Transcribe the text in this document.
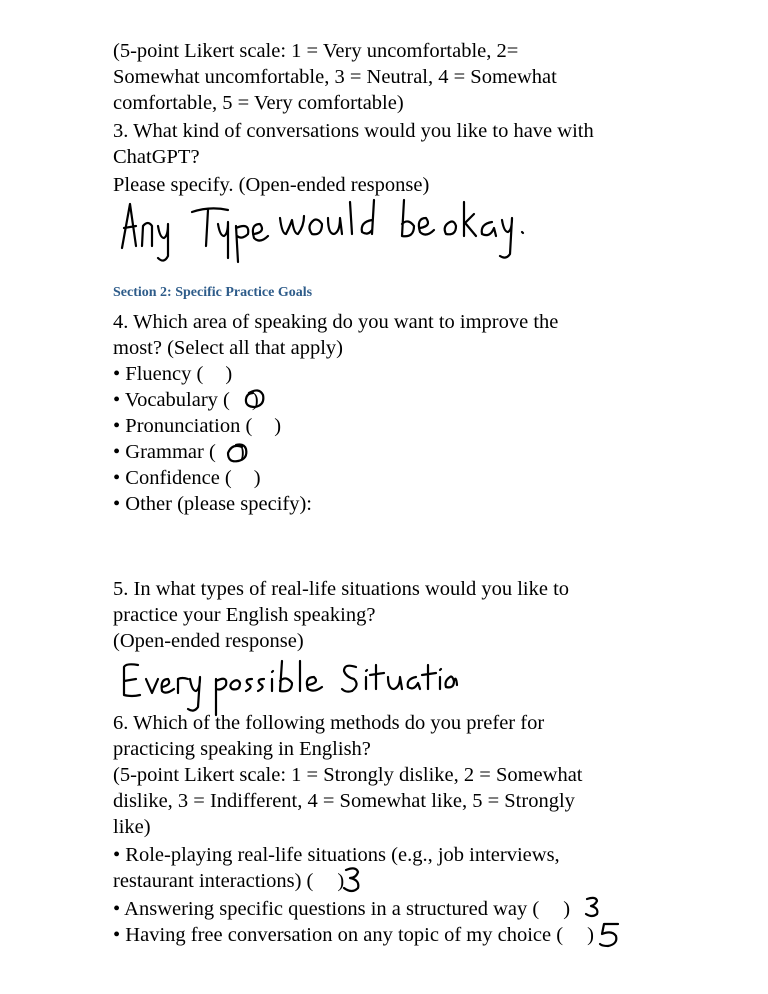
(5-point Likert scale: 1 = Very uncomfortable, 2=
Somewhat uncomfortable, 3 = Neutral, 4 = Somewhat
comfortable, 5 = Very comfortable)
3. What kind of conversations would you like to have with
ChatGPT?
Please specify. (Open-ended response)
Section 2: Specific Practice Goals
4. Which area of speaking do you want to improve the
most? (Select all that apply)
• Fluency ( )
• Vocabulary ( )
• Pronunciation ( )
• Grammar ( )
• Confidence ( )
• Other (please specify):
5. In what types of real-life situations would you like to
practice your English speaking?
(Open-ended response)
6. Which of the following methods do you prefer for
practicing speaking in English?
(5-point Likert scale: 1 = Strongly dislike, 2 = Somewhat
dislike, 3 = Indifferent, 4 = Somewhat like, 5 = Strongly
like)
• Role-playing real-life situations (e.g., job interviews,
restaurant interactions) ( )
• Answering specific questions in a structured way ( )
• Having free conversation on any topic of my choice ( )
